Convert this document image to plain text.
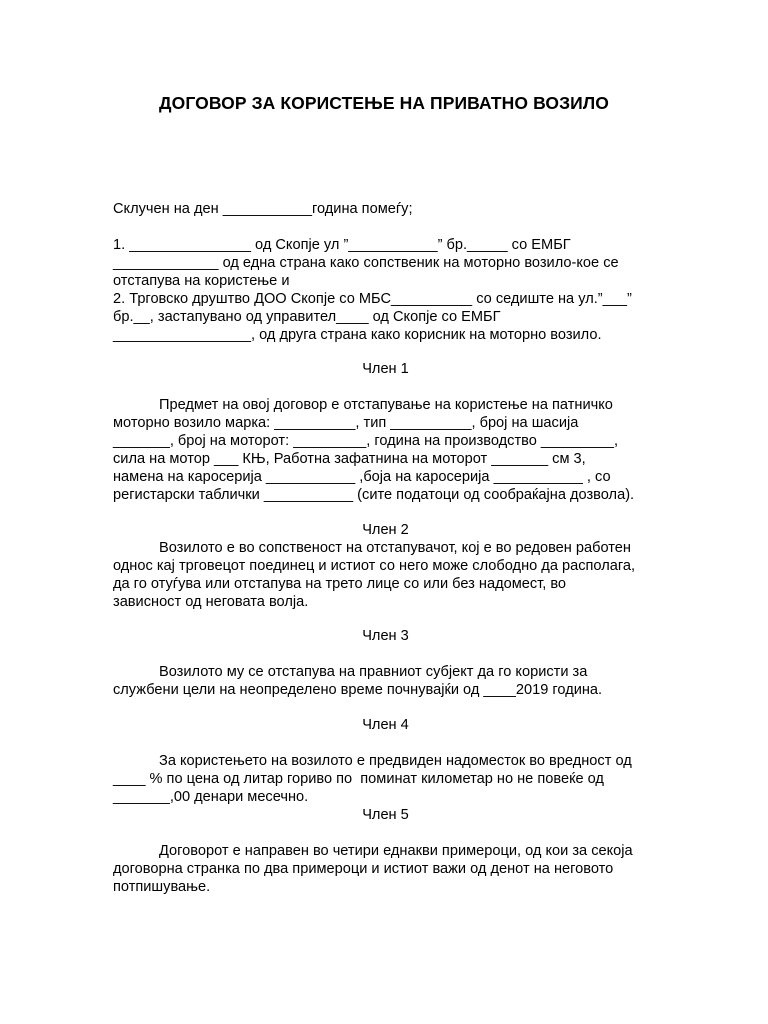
ДОГОВОР ЗА КОРИСТЕЊЕ НА ПРИВАТНО ВОЗИЛО
Склучен на ден ___________година помеѓу;
1. _______________ од Скопје ул ”___________” бр._____ со ЕМБГ
_____________ од една страна како сопственик на моторно возило-кое се
отстапува на користење и
2. Трговско друштво ДОО Скопје со МБС__________ со седиште на ул.”___”
бр.__, застапувано од управител____ од Скопје со ЕМБГ
_________________, од друга страна како корисник на моторно возило.
Член 1
Предмет на овој договор е отстапување на користење на патничко
моторно возило марка: __________, тип __________, број на шасија
_______, број на моторот: _________, година на производство _________,
сила на мотор ___ КЊ, Работна зафатнина на моторот _______ см 3,
намена на каросерија ___________ ,боја на каросерија ___________ , со
регистарски таблички ___________ (сите податоци од сообраќајна дозвола).
Член 2
Возилото е во сопственост на отстапувачот, кој е во редовен работен
однос кај трговецот поединец и истиот со него може слободно да располага,
да го отуѓува или отстапува на трето лице со или без надомест, во
зависност од неговата волја.
Член 3
Возилото му се отстапува на правниот субјект да го користи за
службени цели на неопределено време почнувајќи од ____2019 година.
Член 4
За користењето на возилото е предвиден надоместок во вредност од
____ % по цена од литар гориво по  поминат километар но не повеќе од
_______,00 денари месечно.
Член 5
Договорот е направен во четири еднакви примероци, од кои за секоја
договорна странка по два примероци и истиот важи од денот на неговото
потпишување.
